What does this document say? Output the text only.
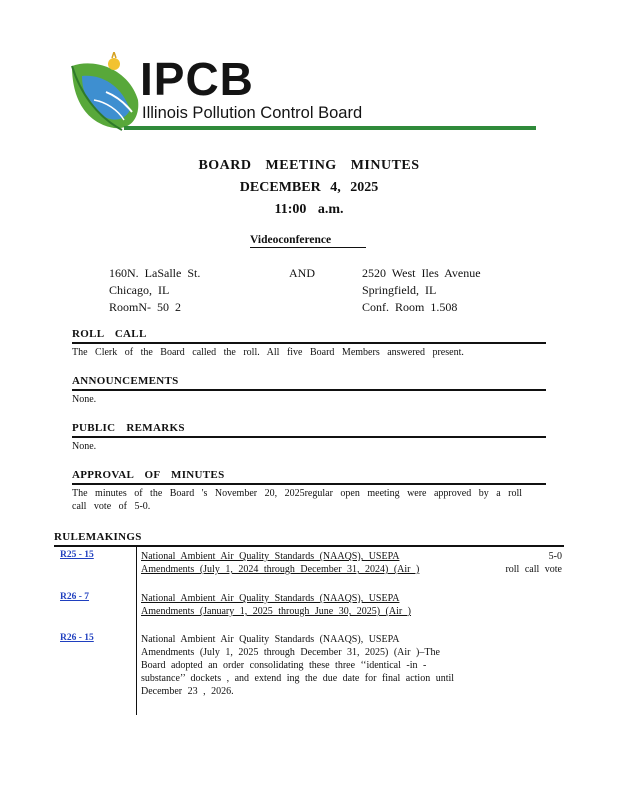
IPCB
Illinois Pollution Control Board
BOARD MEETING MINUTES
DECEMBER 4, 2025
11:00 a.m.
Videoconference
160N. LaSalle St.
Chicago, IL
RoomN- 50 2
AND	2520 West Iles Avenue
Springfield, IL
Conf. Room 1.508
ROLL CALL
The Clerk of the Board called the roll. All five Board Members answered present.
ANNOUNCEMENTS
None.
PUBLIC REMARKS
None.
APPROVAL OF MINUTES
The minutes of the Board 's November 20, 2025regular open meeting were approved by a roll call vote of 5-0.
RULEMAKINGS
R25 - 15	National Ambient Air Quality Standards (NAAQS), USEPA
Amendments (July 1, 2024 through December 31, 2024) (Air )
5-0
roll call vote
R26 - 7	National Ambient Air Quality Standards (NAAQS), USEPA
Amendments (January 1, 2025 through June 30, 2025) (Air )
R26 - 15	National Ambient Air Quality Standards (NAAQS), USEPA
Amendments (July 1, 2025 through December 31, 2025) (Air )–The
Board adopted an order consolidating these three ‘‘identical -in -
substance’’ dockets , and extend ing the due date for final action until
December 23 , 2026.
